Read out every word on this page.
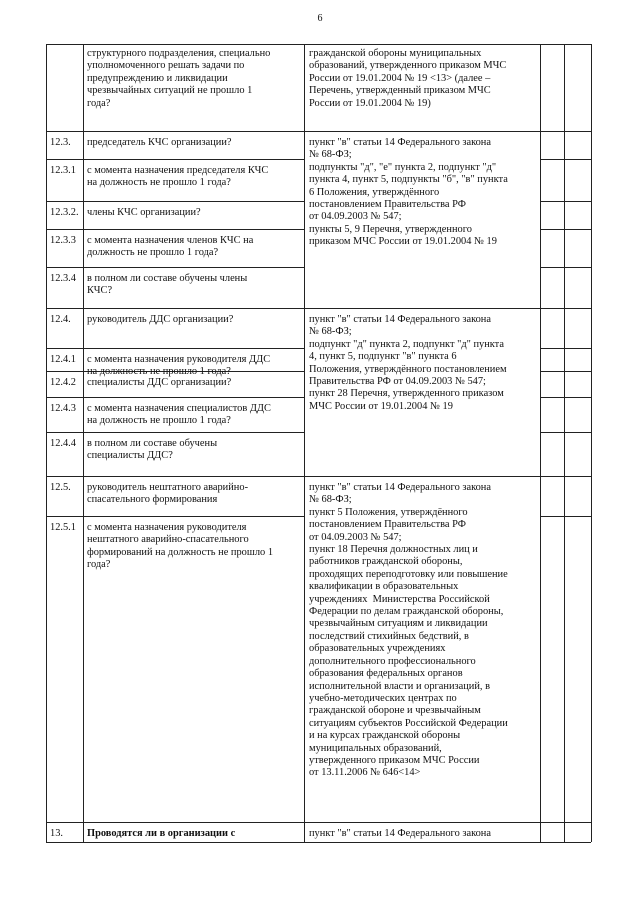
6
структурного подразделения, специально
уполномоченного решать задачи по
предупреждению и ликвидации
чрезвычайных ситуаций не прошло 1
года?
12.3. председатель КЧС организации?
12.3.1 с момента назначения председателя КЧС
на должность не прошло 1 года?
12.3.2. члены КЧС организации?
12.3.3 с момента назначения членов КЧС на
должность не прошло 1 года?
12.3.4 в полном ли составе обучены члены
КЧС?
12.4. руководитель ДДС организации?
12.4.1 с момента назначения руководителя ДДС
на должность не прошло 1 года?
12.4.2 специалисты ДДС организации?
12.4.3 с момента назначения специалистов ДДС
на должность не прошло 1 года?
12.4.4 в полном ли составе обучены
специалисты ДДС?
12.5. руководитель нештатного аварийно-
спасательного формирования
12.5.1 с момента назначения руководителя
нештатного аварийно-спасательного
формирований на должность не прошло 1
года?
13. Проводятся ли в организации с
гражданской обороны муниципальных
образований, утвержденного приказом МЧС
России от 19.01.2004 № 19 <13> (далее –
Перечень, утвержденный приказом МЧС
России от 19.01.2004 № 19)
пункт "в" статьи 14 Федерального закона
№ 68-ФЗ;
подпункты "д", "е" пункта 2, подпункт "д"
пункта 4, пункт 5, подпункты "б", "в" пункта
6 Положения, утверждённого
постановлением Правительства РФ
от 04.09.2003 № 547;
пункты 5, 9 Перечня, утвержденного
приказом МЧС России от 19.01.2004 № 19
пункт "в" статьи 14 Федерального закона
№ 68-ФЗ;
подпункт "д" пункта 2, подпункт "д" пункта
4, пункт 5, подпункт "в" пункта 6
Положения, утверждённого постановлением
Правительства РФ от 04.09.2003 № 547;
пункт 28 Перечня, утвержденного приказом
МЧС России от 19.01.2004 № 19
пункт "в" статьи 14 Федерального закона
№ 68-ФЗ;
пункт 5 Положения, утверждённого
постановлением Правительства РФ
от 04.09.2003 № 547;
пункт 18 Перечня должностных лиц и
работников гражданской обороны,
проходящих переподготовку или повышение
квалификации в образовательных
учреждениях  Министерства Российской
Федерации по делам гражданской обороны,
чрезвычайным ситуациям и ликвидации
последствий стихийных бедствий, в
образовательных учреждениях
дополнительного профессионального
образования федеральных органов
исполнительной власти и организаций, в
учебно-методических центрах по
гражданской обороне и чрезвычайным
ситуациям субъектов Российской Федерации
и на курсах гражданской обороны
муниципальных образований,
утвержденного приказом МЧС России
от 13.11.2006 № 646<14>
пункт "в" статьи 14 Федерального закона
